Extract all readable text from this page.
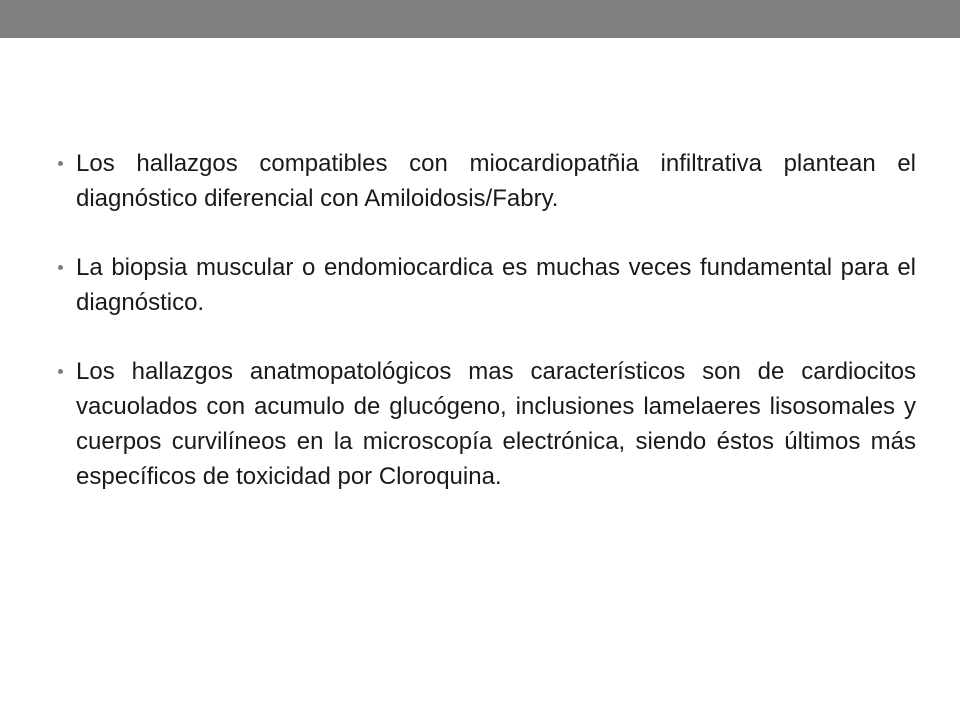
Los hallazgos compatibles con miocardiopatñia infiltrativa plantean el diagnóstico diferencial con Amiloidosis/Fabry.
La biopsia muscular o endomiocardica es muchas veces fundamental para el diagnóstico.
Los hallazgos anatmopatológicos mas característicos son de cardiocitos vacuolados con acumulo de glucógeno, inclusiones lamelaeres lisosomales y cuerpos curvilíneos en la microscopía electrónica, siendo éstos últimos más específicos de toxicidad por Cloroquina.
